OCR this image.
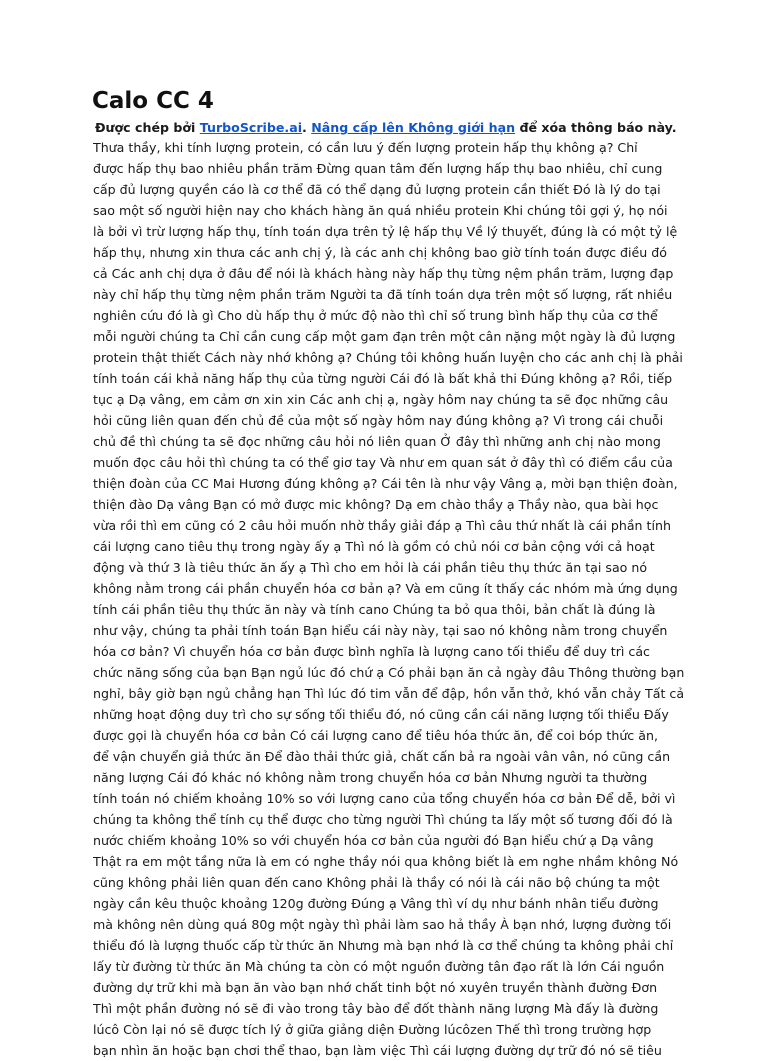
Calo CC 4

Được chép bởi TurboScribe.ai. Nâng cấp lên Không giới hạn để xóa thông báo này.

Thưa thầy, khi tính lượng protein, có cần lưu ý đến lượng protein hấp thụ không ạ? Chỉ
được hấp thụ bao nhiêu phần trăm Đừng quan tâm đến lượng hấp thụ bao nhiêu, chỉ cung
cấp đủ lượng quyền cáo là cơ thể đã có thể dạng đủ lượng protein cần thiết Đó là lý do tại
sao một số người hiện nay cho khách hàng ăn quá nhiều protein Khi chúng tôi gợi ý, họ nói
là bởi vì trừ lượng hấp thụ, tính toán dựa trên tỷ lệ hấp thụ Về lý thuyết, đúng là có một tỷ lệ
hấp thụ, nhưng xin thưa các anh chị ý, là các anh chị không bao giờ tính toán được điều đó
cả Các anh chị dựa ở đâu để nói là khách hàng này hấp thụ từng nệm phần trăm, lượng đạp
này chỉ hấp thụ từng nệm phần trăm Người ta đã tính toán dựa trên một số lượng, rất nhiều
nghiên cứu đó là gì Cho dù hấp thụ ở mức độ nào thì chỉ số trung bình hấp thụ của cơ thể
mỗi người chúng ta Chỉ cần cung cấp một gam đạn trên một cân nặng một ngày là đủ lượng
protein thật thiết Cách này nhớ không ạ? Chúng tôi không huấn luyện cho các anh chị là phải
tính toán cái khả năng hấp thụ của từng người Cái đó là bất khả thi Đúng không ạ? Rồi, tiếp
tục ạ Dạ vâng, em cảm ơn xin xin Các anh chị ạ, ngày hôm nay chúng ta sẽ đọc những câu
hỏi cũng liên quan đến chủ đề của một số ngày hôm nay đúng không ạ? Vì trong cái chuỗi
chủ đề thì chúng ta sẽ đọc những câu hỏi nó liên quan Ở đây thì những anh chị nào mong
muốn đọc câu hỏi thì chúng ta có thể giơ tay Và như em quan sát ở đây thì có điểm cầu của
thiện đoàn của CC Mai Hương đúng không ạ? Cái tên là như vậy Vâng ạ, mời bạn thiện đoàn,
thiện đào Dạ vâng Bạn có mở được mic không? Dạ em chào thầy ạ Thầy nào, qua bài học
vừa rồi thì em cũng có 2 câu hỏi muốn nhờ thầy giải đáp ạ Thì câu thứ nhất là cái phần tính
cái lượng cano tiêu thụ trong ngày ấy ạ Thì nó là gồm có chủ nói cơ bản cộng với cả hoạt
động và thứ 3 là tiêu thức ăn ấy ạ Thì cho em hỏi là cái phần tiêu thụ thức ăn tại sao nó
không nằm trong cái phần chuyển hóa cơ bản ạ? Và em cũng ít thấy các nhóm mà ứng dụng
tính cái phần tiêu thụ thức ăn này và tính cano Chúng ta bỏ qua thôi, bản chất là đúng là
như vậy, chúng ta phải tính toán Bạn hiểu cái này này, tại sao nó không nằm trong chuyển
hóa cơ bản? Vì chuyển hóa cơ bản được bình nghĩa là lượng cano tối thiểu để duy trì các
chức năng sống của bạn Bạn ngủ lúc đó chứ ạ Có phải bạn ăn cả ngày đâu Thông thường bạn
nghỉ, bây giờ bạn ngủ chẳng hạn Thì lúc đó tim vẫn để đập, hồn vẫn thở, khó vẫn chảy Tất cả
những hoạt động duy trì cho sự sống tối thiểu đó, nó cũng cần cái năng lượng tối thiểu Đấy
được gọi là chuyển hóa cơ bản Có cái lượng cano để tiêu hóa thức ăn, để coi bóp thức ăn,
để vận chuyển giả thức ăn Để đào thải thức giả, chất cấn bả ra ngoài vân vân, nó cũng cần
năng lượng Cái đó khác nó không nằm trong chuyển hóa cơ bản Nhưng người ta thường
tính toán nó chiếm khoảng 10% so với lượng cano của tổng chuyển hóa cơ bản Để dễ, bởi vì
chúng ta không thể tính cụ thể được cho từng người Thì chúng ta lấy một số tương đối đó là
nước chiếm khoảng 10% so với chuyển hóa cơ bản của người đó Bạn hiểu chứ ạ Dạ vâng
Thật ra em một tầng nữa là em có nghe thầy nói qua không biết là em nghe nhầm không Nó
cũng không phải liên quan đến cano Không phải là thầy có nói là cái não bộ chúng ta một
ngày cần kêu thuộc khoảng 120g đường Đúng ạ Vâng thì ví dụ như bánh nhân tiểu đường
mà không nên dùng quá 80g một ngày thì phải làm sao hả thầy À bạn nhớ, lượng đường tối
thiểu đó là lượng thuốc cấp từ thức ăn Nhưng mà bạn nhớ là cơ thể chúng ta không phải chỉ
lấy từ đường từ thức ăn Mà chúng ta còn có một nguồn đường tân đạo rất là lớn Cái nguồn
đường dự trữ khi mà bạn ăn vào bạn nhớ chất tinh bột nó xuyên truyền thành đường Đơn
Thì một phần đường nó sẽ đi vào trong tây bào để đốt thành năng lượng Mà đấy là đường
lúcô Còn lại nó sẽ được tích lý ở giữa giảng diện Đường lúcôzen Thế thì trong trường hợp
bạn nhìn ăn hoặc bạn chơi thể thao, bạn làm việc Thì cái lượng đường dự trữ đó nó sẽ tiêu
